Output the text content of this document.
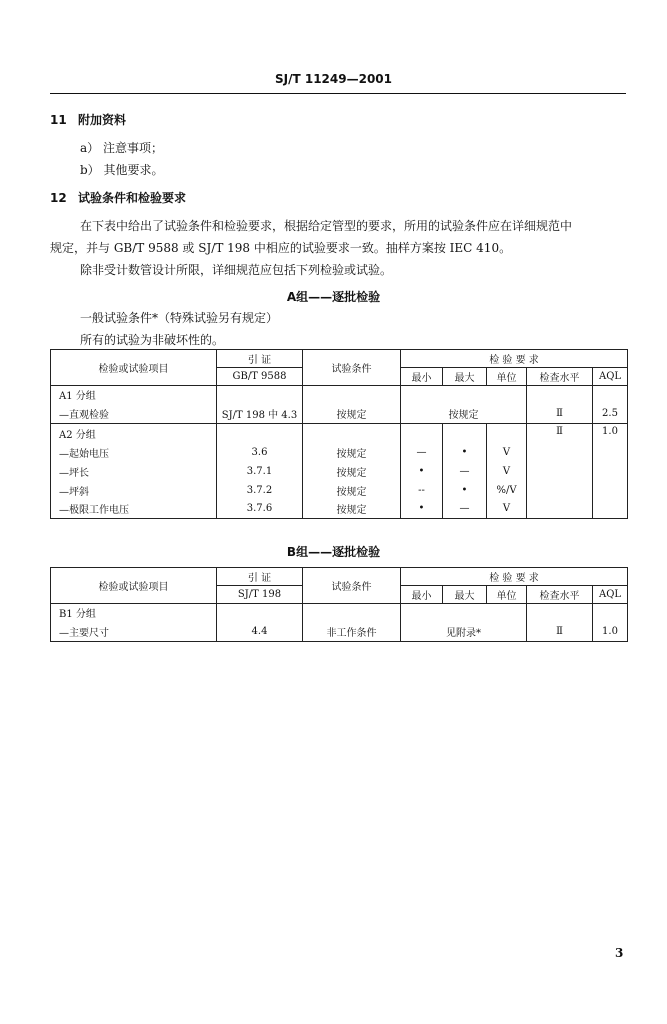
SJ/T 11249—2001
11 附加资料
a） 注意事项；
b） 其他要求。
12 试验条件和检验要求
在下表中给出了试验条件和检验要求，根据给定管型的要求，所用的试验条件应在详细规范中
规定，并与 GB/T 9588 或 SJ/T 198 中相应的试验要求一致。抽样方案按 IEC 410。
除非受计数管设计所限，详细规范应包括下列检验或试验。
A组——逐批检验
一般试验条件*（特殊试验另有规定）
所有的试验为非破坏性的。
检验或试验项目	引 证	试验条件	检 验 要 求				
	GB/T 9588		最小	最大	单位	检查水平	AQL
A1 分组							
—直观检验	SJ/T 198 中 4.3	按规定	按规定			Ⅱ	2.5
A2 分组						Ⅱ	1.0
—起始电压	3.6	按规定	—	•	V		
—坪长	3.7.1	按规定	•	—	V		
—坪斜	3.7.2	按规定	--	•	%/V		
—极限工作电压	3.7.6	按规定	•	—	V		
B组——逐批检验
检验或试验项目	引 证	试验条件	检 验 要 求				
	SJ/T 198		最小	最大	单位	检查水平	AQL
B1 分组							
—主要尺寸	4.4	非工作条件	见附录*			Ⅱ	1.0
3
